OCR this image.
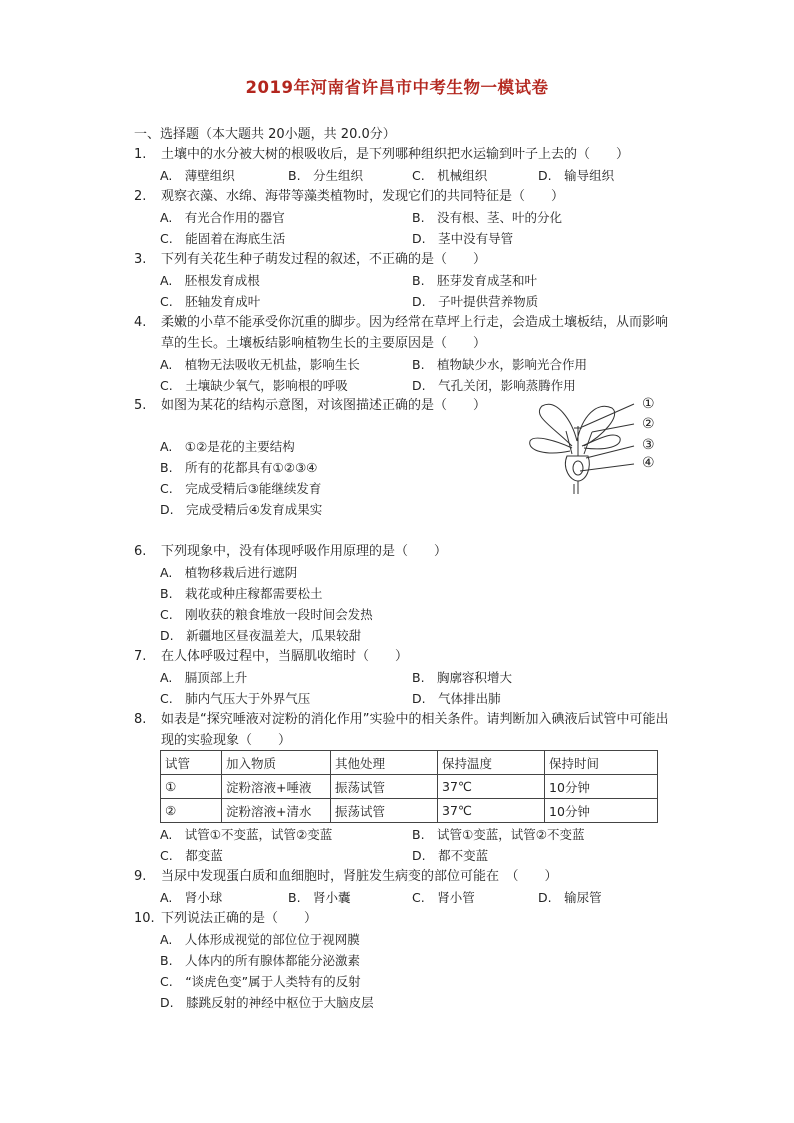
2019年河南省许昌市中考生物一模试卷
一、选择题（本大题共 20小题，共 20.0分）
1.	土壤中的水分被大树的根吸收后，是下列哪种组织把水运输到叶子上去的（　　）
A.　薄壁组织	B.　分生组织	C.　机械组织	D.　输导组织
2.	观察衣藻、水绵、海带等藻类植物时，发现它们的共同特征是（　　）
A.　有光合作用的器官	B.　没有根、茎、叶的分化
C.　能固着在海底生活	D.　茎中没有导管
3.	下列有关花生种子萌发过程的叙述，不正确的是（　　）
A.　胚根发育成根	B.　胚芽发育成茎和叶
C.　胚轴发育成叶	D.　子叶提供营养物质
4.	柔嫩的小草不能承受你沉重的脚步。因为经常在草坪上行走，会造成土壤板结，从而影响草的生长。土壤板结影响植物生长的主要原因是（　　）
A.　植物无法吸收无机盐，影响生长	B.　植物缺少水，影响光合作用
C.　土壤缺少氧气，影响根的呼吸	D.　气孔关闭，影响蒸腾作用
5.	如图为某花的结构示意图，对该图描述正确的是（　　）
A.　①②是花的主要结构
B.　所有的花都具有①②③④
C.　完成受精后③能继续发育
D.　完成受精后④发育成果实
①
②
③
④
6.	下列现象中，没有体现呼吸作用原理的是（　　）
A.　植物移栽后进行遮阴
B.　栽花或种庄稼都需要松土
C.　刚收获的粮食堆放一段时间会发热
D.　新疆地区昼夜温差大，瓜果较甜
7.	在人体呼吸过程中，当膈肌收缩时（　　）
A.　膈顶部上升	B.　胸廓容积增大
C.　肺内气压大于外界气压	D.　气体排出肺
8.	如表是“探究唾液对淀粉的消化作用”实验中的相关条件。请判断加入碘液后试管中可能出现的实验现象（　　）
试管	加入物质	其他处理	保持温度	保持时间
①	淀粉溶液+唾液	振荡试管	37℃	10分钟
②	淀粉溶液+清水	振荡试管	37℃	10分钟
A.　试管①不变蓝，试管②变蓝	B.　试管①变蓝，试管②不变蓝
C.　都变蓝	D.　都不变蓝
9.	当尿中发现蛋白质和血细胞时，肾脏发生病变的部位可能在　（　　）
A.　肾小球	B.　肾小囊	C.　肾小管	D.　输尿管
10. 下列说法正确的是（　　）
A.　人体形成视觉的部位位于视网膜
B.　人体内的所有腺体都能分泌激素
C.　“谈虎色变”属于人类特有的反射
D.　膝跳反射的神经中枢位于大脑皮层
